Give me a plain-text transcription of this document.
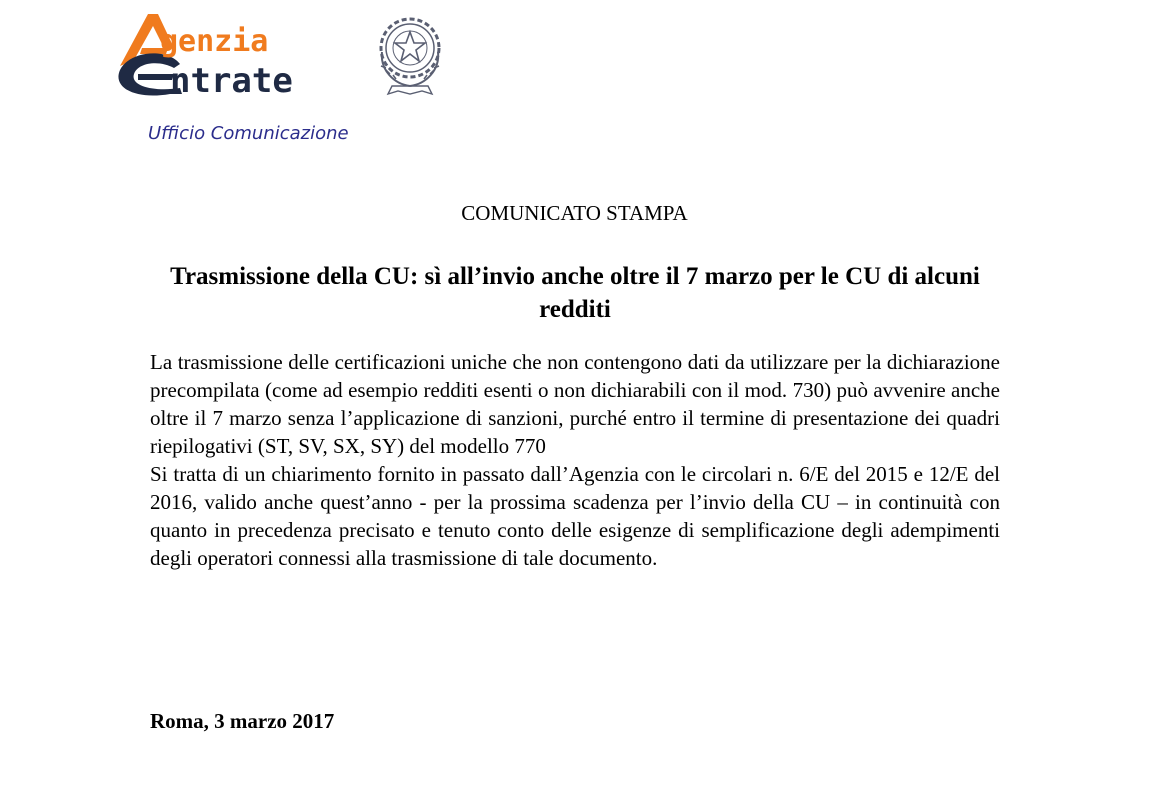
genzia
ntrate
Ufficio Comunicazione
COMUNICATO STAMPA
Trasmissione della CU: sì all’invio anche oltre il 7 marzo per le CU di alcuni redditi

La trasmissione delle certificazioni uniche che non contengono dati da utilizzare per la dichiarazione precompilata (come ad esempio redditi esenti o non dichiarabili con il mod. 730) può avvenire anche oltre il 7 marzo senza l’applicazione di sanzioni, purché entro il termine di presentazione dei quadri riepilogativi (ST, SV, SX, SY) del modello 770

Si tratta di un chiarimento fornito in passato dall’Agenzia con le circolari n. 6/E del 2015 e 12/E del 2016, valido anche quest’anno - per la prossima scadenza per l’invio della CU – in continuità con quanto in precedenza precisato e tenuto conto delle esigenze di semplificazione degli adempimenti degli operatori connessi alla trasmissione di tale documento.

Roma, 3 marzo 2017
